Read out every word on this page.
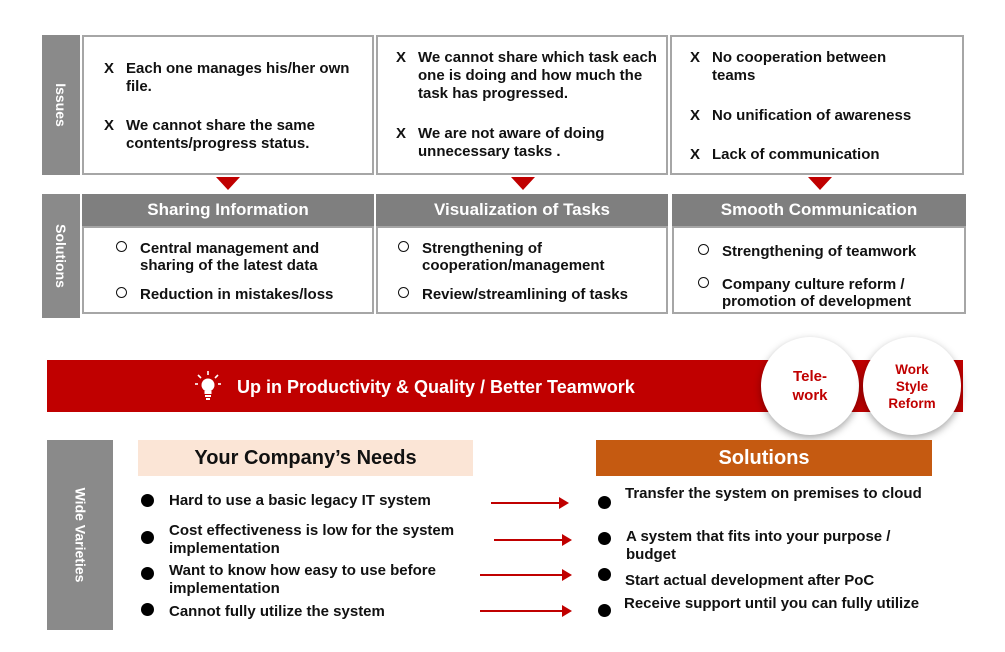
Issues
X Each one manages his/her own file.
X We cannot share the same contents/progress status.
X We cannot share which task each one is doing and how much the task has progressed.
X We are not aware of doing unnecessary tasks .
X No cooperation between teams
X No unification of awareness
X Lack of communication
Solutions
Sharing Information
Central management and sharing of the latest data
Reduction in mistakes/loss
Visualization of Tasks
Strengthening of cooperation/management
Review/streamlining of tasks
Smooth Communication
Strengthening of teamwork
Company culture reform / promotion of development
Up in Productivity & Quality / Better Teamwork
Tele-work
Work Style Reform
Wide Varieties
Your Company’s Needs	Solutions
Hard to use a basic legacy IT system
Cost effectiveness is low for the system implementation
Want to know how easy to use before implementation
Cannot fully utilize the system
Transfer the system on premises to cloud
A system that fits into your purpose / budget
Start actual development after PoC
Receive support until you can fully utilize
